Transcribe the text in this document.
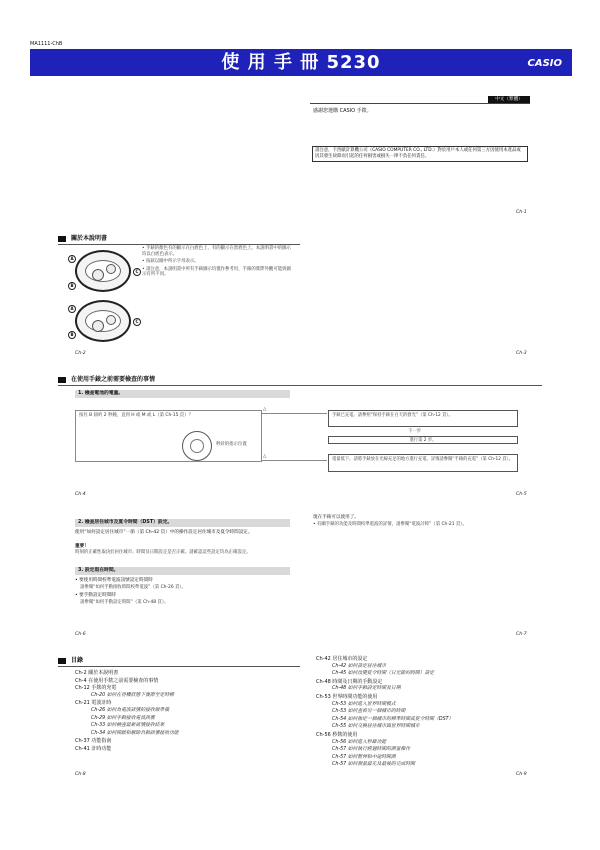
MA1111-ChB
使 用 手 冊 5230	CASIO
中文（繁體）
感謝您選購 CASIO 手錶。
請注意，卡西歐計算機公司（CASIO COMPUTER CO., LTD.）對於用戶本人或任何第三方因使用本產品或因其發生故障而引起的任何損害或損失一律不負任何責任。
Ch-1
關於本說明書
A
B
C
A
B
C
• 手錶的顏色有的顯示在白底色上，有的顯示在黑底色上。本說明書中的圖示均以白底色表示。
• 按鈕以圖中所示字母表示。
• 請注意，本說明書中所有手錶圖示均僅作參考用，手錶的實際外觀可能與圖示有所不同。
Ch-2	Ch-3
在使用手錶之前需要檢查的事情
1. 檢查電池的電量。
按住 B 鈕約 2 秒鐘，直到 H 或 M 或 L（第 Ch-15 頁）？
秒針的指示位置
△
△
手錶已充電。請參照“保持手錶在白天的發光”（第 Ch-12 頁）。
下一步
進行第 2 步。
電量低下。請將手錶放在光線充足的地方進行充電。詳情請參閱“手錶的充電”（第 Ch-12 頁）。
Ch-4	Ch-5
2. 檢查居住城市及夏令時間（DST）設定。
使用“如何設定居住城市”一節（第 Ch-42 頁）中的操作設定居住城市及夏令時間設定。
重要！
時刻的正確性取決於居住城市、時間及日期設定是否正確。請確認這些設定均為正確設定。
3. 設定現在時間。
• 要使用時間校準電波訊號設定時間時
請參閱“如何手動接收時間校準電波”（第 Ch-26 頁）。
• 要手動設定時間時
請參閱“如何手動設定時間”（第 Ch-48 頁）。
現在手錶可以使用了。
• 有關手錶的功能及時間校準電波的詳情，請參閱“電波計時”（第 Ch-21 頁）。
Ch-6	Ch-7
目錄
Ch-2 關於本說明書
Ch-4 在使用手錶之前需要檢查的事情
Ch-12 手錶的充電
Ch-20 如何在待機狀態下復原至定時標
Ch-21 電波計時
Ch-26 如何為電波訊號的接收做準備
Ch-29 如何手動接收電波訊號
Ch-33 如何檢查最新訊號接收結果
Ch-34 如何開啟和解除自動訊號接收功能
Ch-37 功能指南
Ch-41 計時功能
Ch-42 居住城市的設定
Ch-42 如何設定居住城市
Ch-45 如何改變夏令時間（日光節約時間）設定
Ch-48 時間及日期的手動設定
Ch-48 如何手動設定時間及日期
Ch-53 世界時間功能的使用
Ch-53 如何進入世界時間模式
Ch-53 如何查看另一個城市的時間
Ch-54 如何指定一個城市的標準時間或夏令時間（DST）
Ch-55 如何交換居住城市與世界時間城市
Ch-56 秒錶的使用
Ch-56 如何進入秒錶功能
Ch-57 如何執行經過時間的測量操作
Ch-57 如何暫停和中途時間測
Ch-57 如何測量最先及最後的完成時間
Ch-8	Ch-9
